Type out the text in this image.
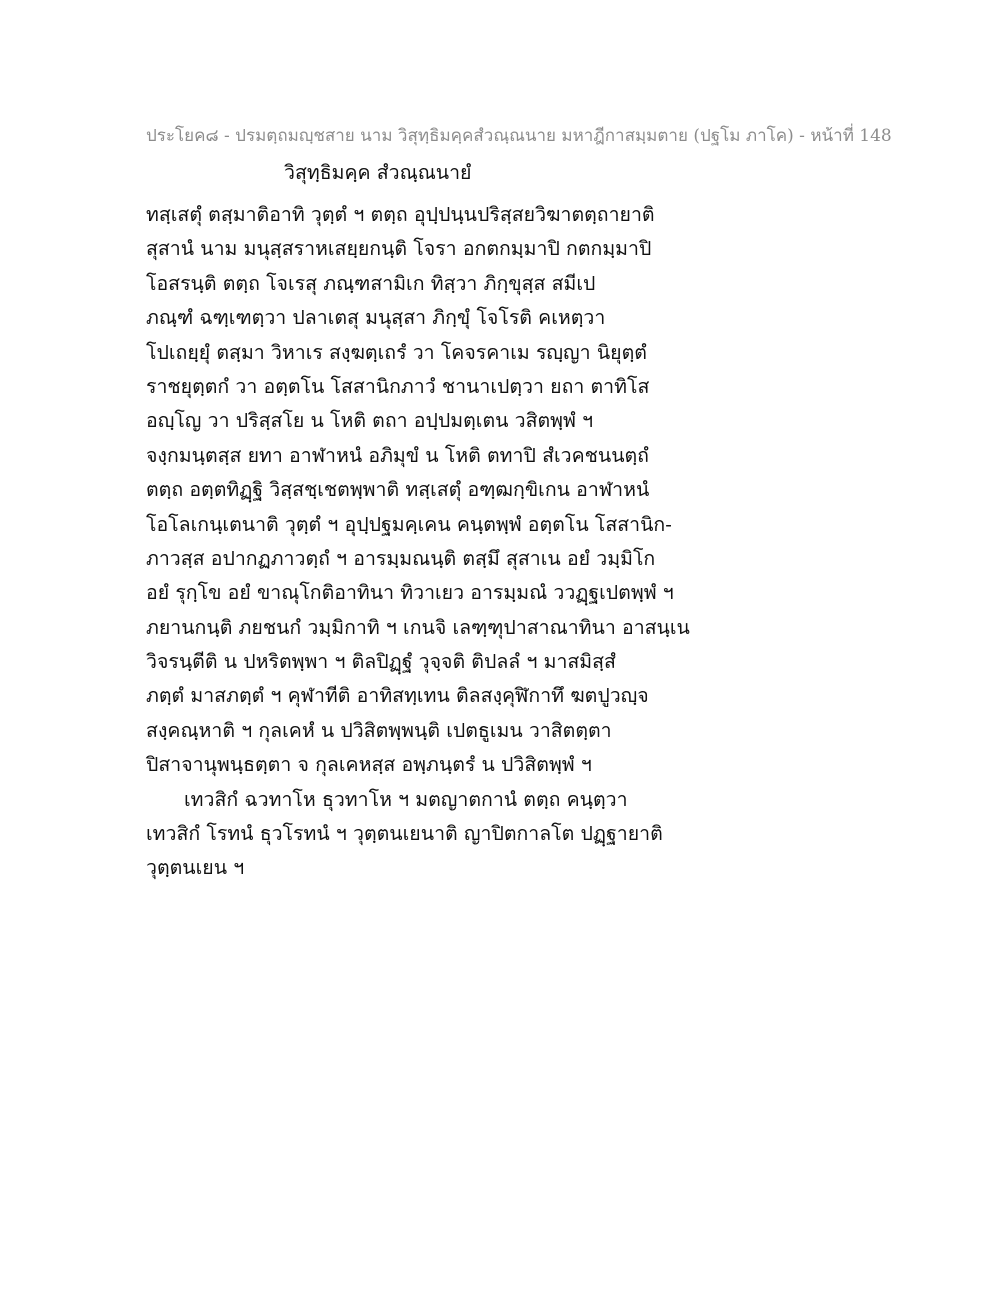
ประโยค๘ - ปรมตฺถมญฺชสาย นาม วิสุทฺธิมคฺคสํวณฺณนาย มหาฎีกาสมฺมตาย (ปฐโม ภาโค) - หน้าที่ 148
วิสุทฺธิมคฺค สํวณฺณนายํ
ทสฺเสตุํ ตสฺมาติอาทิ วุตฺตํ ฯ ตตฺถ อุปฺปนฺนปริสฺสยวิฆาตตฺถายาติ
สุสานํ นาม มนุสฺสราหเสยฺยกนฺติ โจรา อกตกมฺมาปิ กตกมฺมาปิ
โอสรนฺติ ตตฺถ โจเรสุ ภณฺฑสามิเก ทิสฺวา ภิกฺขุสฺส สมีเป
ภณฺฑํ ฉฑฺเฑตฺวา ปลาเตสุ มนุสฺสา ภิกฺขุํ โจโรติ คเหตฺวา
โปเถยฺยุํ ตสฺมา วิหาเร สงฺฆตฺเถรํ วา โคจรคาเม รญฺญา นิยุตฺตํ
ราชยุตฺตกํ วา อตฺตโน โสสานิกภาวํ ชานาเปตฺวา ยถา ตาทิโส
อญฺโญ วา ปริสฺสโย น โหติ ตถา อปฺปมตฺเตน วสิตพฺพํ ฯ
จงฺกมนฺตสฺส ยทา อาฬาหนํ อภิมุขํ น โหติ ตทาปิ สํเวคชนนตฺถํ
ตตฺถ อตฺตทิฏฺฐิ วิสฺสชฺเชตพฺพาติ ทสฺเสตุํ อฑฺฒกฺขิเกน อาฬาหนํ
โอโลเกนฺเตนาติ วุตฺตํ ฯ อุปฺปฐมคฺเคน คนฺตพฺพํ อตฺตโน โสสานิก-
ภาวสฺส อปากฏภาวตฺถํ ฯ อารมฺมณนฺติ ตสฺมึ สุสาเน อยํ วมฺมิโก
อยํ รุกฺโข อยํ ขาณุโกติอาทินา ทิวาเยว อารมฺมณํ ววฏฺฐเปตพฺพํ ฯ
ภยานกนฺติ ภยชนกํ วมฺมิกาทิ ฯ เกนจิ เลฑฺฑุปาสาณาทินา อาสนฺเน
วิจรนฺตีติ น ปหริตพฺพา ฯ ติลปิฏฺฐํ วุจฺจติ ติปลลํ ฯ มาสมิสฺสํ
ภตฺตํ มาสภตฺตํ ฯ คุฬาทีติ อาทิสทฺเทน ติลสงฺคุฬิกาทึ ฆตปูวญฺจ
สงฺคณฺหาติ ฯ กุลเคหํ น ปวิสิตพฺพนฺติ เปตธูเมน วาสิตตฺตา
ปิสาจานุพนฺธตฺตา จ กุลเคหสฺส อพฺภนฺตรํ น ปวิสิตพฺพํ ฯ
เทวสิกํ ฉวทาโห ธุวทาโห ฯ มตญาตกานํ ตตฺถ คนฺตฺวา
เทวสิกํ โรทนํ ธุวโรทนํ ฯ วุตฺตนเยนาติ ญาปิตกาลโต ปฏฺฐายาติ
วุตฺตนเยน ฯ
